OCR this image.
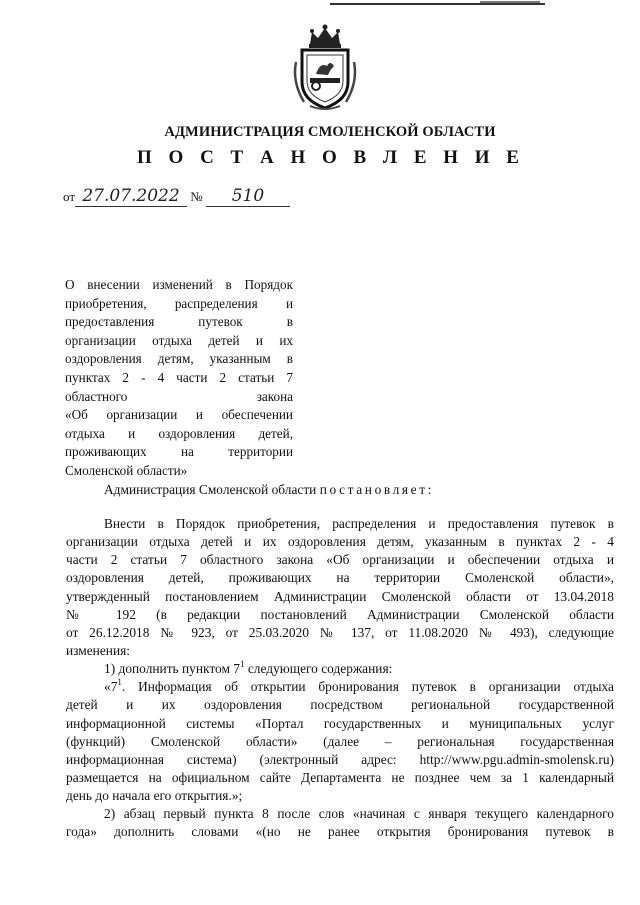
АДМИНИСТРАЦИЯ СМОЛЕНСКОЙ ОБЛАСТИ
П О С Т А Н О В Л Е Н И Е
от 27.07.2022 № 510
О внесении изменений в Порядок
приобретения, распределения и
предоставления путевок в
организации отдыха детей и их
оздоровления детям, указанным в
пунктах 2 - 4 части 2 статьи 7
областного закона
«Об организации и обеспечении
отдыха и оздоровления детей,
проживающих на территории
Смоленской области»
Администрация Смоленской области постановляет:
Внести в Порядок приобретения, распределения и предоставления путевок в
организации отдыха детей и их оздоровления детям, указанным в пунктах 2 - 4
части 2 статьи 7 областного закона «Об организации и обеспечении отдыха и
оздоровления детей, проживающих на территории Смоленской области»,
утвержденный постановлением Администрации Смоленской области от 13.04.2018
№ 192 (в редакции постановлений Администрации Смоленской области
от 26.12.2018 № 923, от 25.03.2020 № 137, от 11.08.2020 № 493), следующие
изменения:
1) дополнить пунктом $7^1$ следующего содержания:
«$7^1$. Информация об открытии бронирования путевок в организации отдыха
детей и их оздоровления посредством региональной государственной
информационной системы «Портал государственных и муниципальных услуг
(функций) Смоленской области» (далее – региональная государственная
информационная система) (электронный адрес: http://www.pgu.admin-smolensk.ru)
размещается на официальном сайте Департамента не позднее чем за 1 календарный
день до начала его открытия.»;
2) абзац первый пункта 8 после слов «начиная с января текущего календарного
года» дополнить словами «(но не ранее открытия бронирования путевок в
